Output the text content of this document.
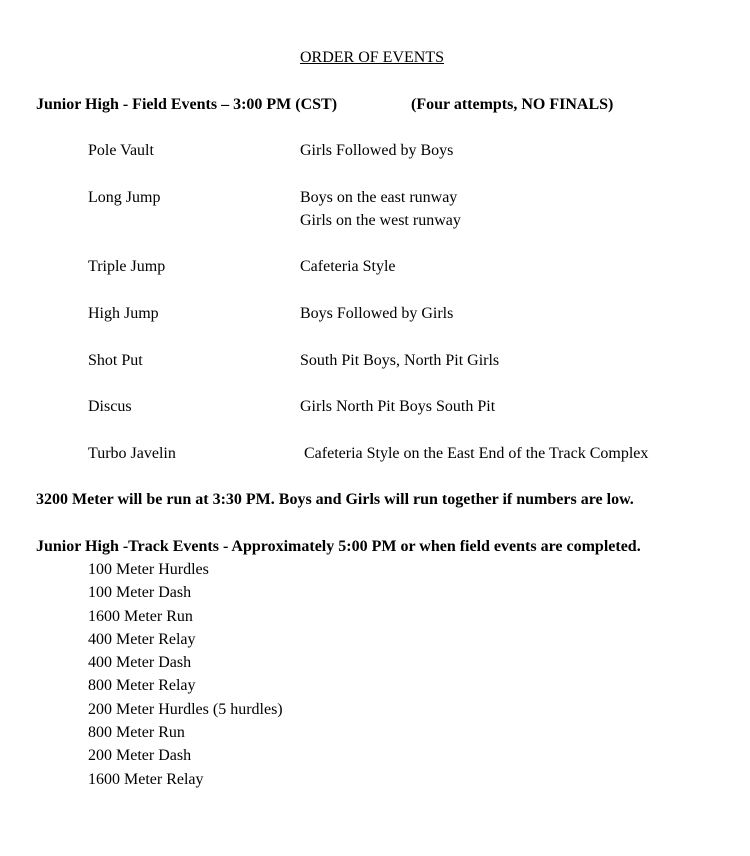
ORDER OF EVENTS
Junior High - Field Events – 3:00 PM (CST)	(Four attempts, NO FINALS)
Pole Vault	Girls Followed by Boys
Long Jump	Boys on the east runway
Girls on the west runway
Triple Jump	Cafeteria Style
High Jump	Boys Followed by Girls
Shot Put	South Pit Boys, North Pit Girls
Discus	Girls North Pit Boys South Pit
Turbo Javelin	Cafeteria Style on the East End of the Track Complex
3200 Meter will be run at 3:30 PM. Boys and Girls will run together if numbers are low.
Junior High -Track Events - Approximately 5:00 PM or when field events are completed.
100 Meter Hurdles
100 Meter Dash
1600 Meter Run
400 Meter Relay
400 Meter Dash
800 Meter Relay
200 Meter Hurdles (5 hurdles)
800 Meter Run
200 Meter Dash
1600 Meter Relay
